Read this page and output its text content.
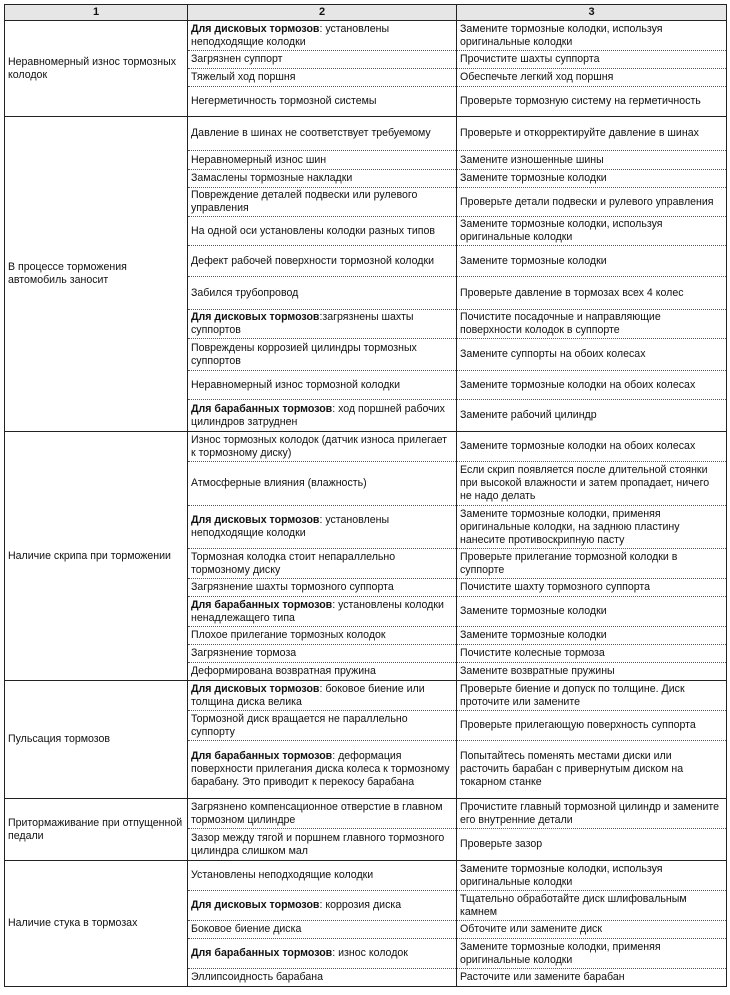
1	2	3
Неравномерный износ тормозных колодок	Для дисковых тормозов: установлены неподходящие колодки	Замените тормозные колодки, используя оригинальные колодки
	Загрязнен суппорт	Прочистите шахты суппорта
	Тяжелый ход поршня	Обеспечьте легкий ход поршня
	Негерметичность тормозной системы	Проверьте тормозную систему на герметичность
В процессе торможения автомобиль заносит	Давление в шинах не соответствует требуемому	Проверьте и откорректируйте давление в шинах
	Неравномерный износ шин	Замените изношенные шины
	Замаслены тормозные накладки	Замените тормозные колодки
	Повреждение деталей подвески или рулевого управления	Проверьте детали подвески и рулевого управления
	На одной оси установлены колодки разных типов	Замените тормозные колодки, используя оригинальные колодки
	Дефект рабочей поверхности тормозной колодки	Замените тормозные колодки
	Забился трубопровод	Проверьте давление в тормозах всех 4 колес
	Для дисковых тормозов:загрязнены шахты суппортов	Почистите посадочные и направляющие поверхности колодок в суппорте
	Повреждены коррозией цилиндры тормозных суппортов	Замените суппорты на обоих колесах
	Неравномерный износ тормозной колодки	Замените тормозные колодки на обоих колесах
	Для барабанных тормозов: ход поршней рабочих цилиндров затруднен	Замените рабочий цилиндр
Наличие скрипа при торможении	Износ тормозных колодок (датчик износа прилегает к тормозному диску)	Замените тормозные колодки на обоих колесах
	Атмосферные влияния (влажность)	Если скрип появляется после длительной стоянки при высокой влажности и затем пропадает, ничего не надо делать
	Для дисковых тормозов: установлены неподходящие колодки	Замените тормозные колодки, применяя оригинальные колодки, на заднюю пластину нанесите противоскрипную пасту
	Тормозная колодка стоит непараллельно тормозному диску	Проверьте прилегание тормозной колодки в суппорте
	Загрязнение шахты тормозного суппорта	Почистите шахту тормозного суппорта
	Для барабанных тормозов: установлены колодки ненадлежащего типа	Замените тормозные колодки
	Плохое прилегание тормозных колодок	Замените тормозные колодки
	Загрязнение тормоза	Почистите колесные тормоза
	Деформирована возвратная пружина	Замените возвратные пружины
Пульсация тормозов	Для дисковых тормозов: боковое биение или толщина диска велика	Проверьте биение и допуск по толщине. Диск проточите или замените
	Тормозной диск вращается не параллельно суппорту	Проверьте прилегающую поверхность суппорта
	Для барабанных тормозов: деформация поверхности прилегания диска колеса к тормозному барабану. Это приводит к перекосу барабана	Попытайтесь поменять местами диски или расточить барабан с привернутым диском на токарном станке
Притормаживание при отпущенной педали	Загрязнено компенсационное отверстие в главном тормозном цилиндре	Прочистите главный тормозной цилиндр и замените его внутренние детали
	Зазор между тягой и поршнем главного тормозного цилиндра слишком мал	Проверьте зазор
Наличие стука в тормозах	Установлены неподходящие колодки	Замените тормозные колодки, используя оригинальные колодки
	Для дисковых тормозов: коррозия диска	Тщательно обработайте диск шлифовальным камнем
	Боковое биение диска	Обточите или замените диск
	Для барабанных тормозов: износ колодок	Замените тормозные колодки, применяя оригинальные колодки
	Эллипсоидность барабана	Расточите или замените барабан
